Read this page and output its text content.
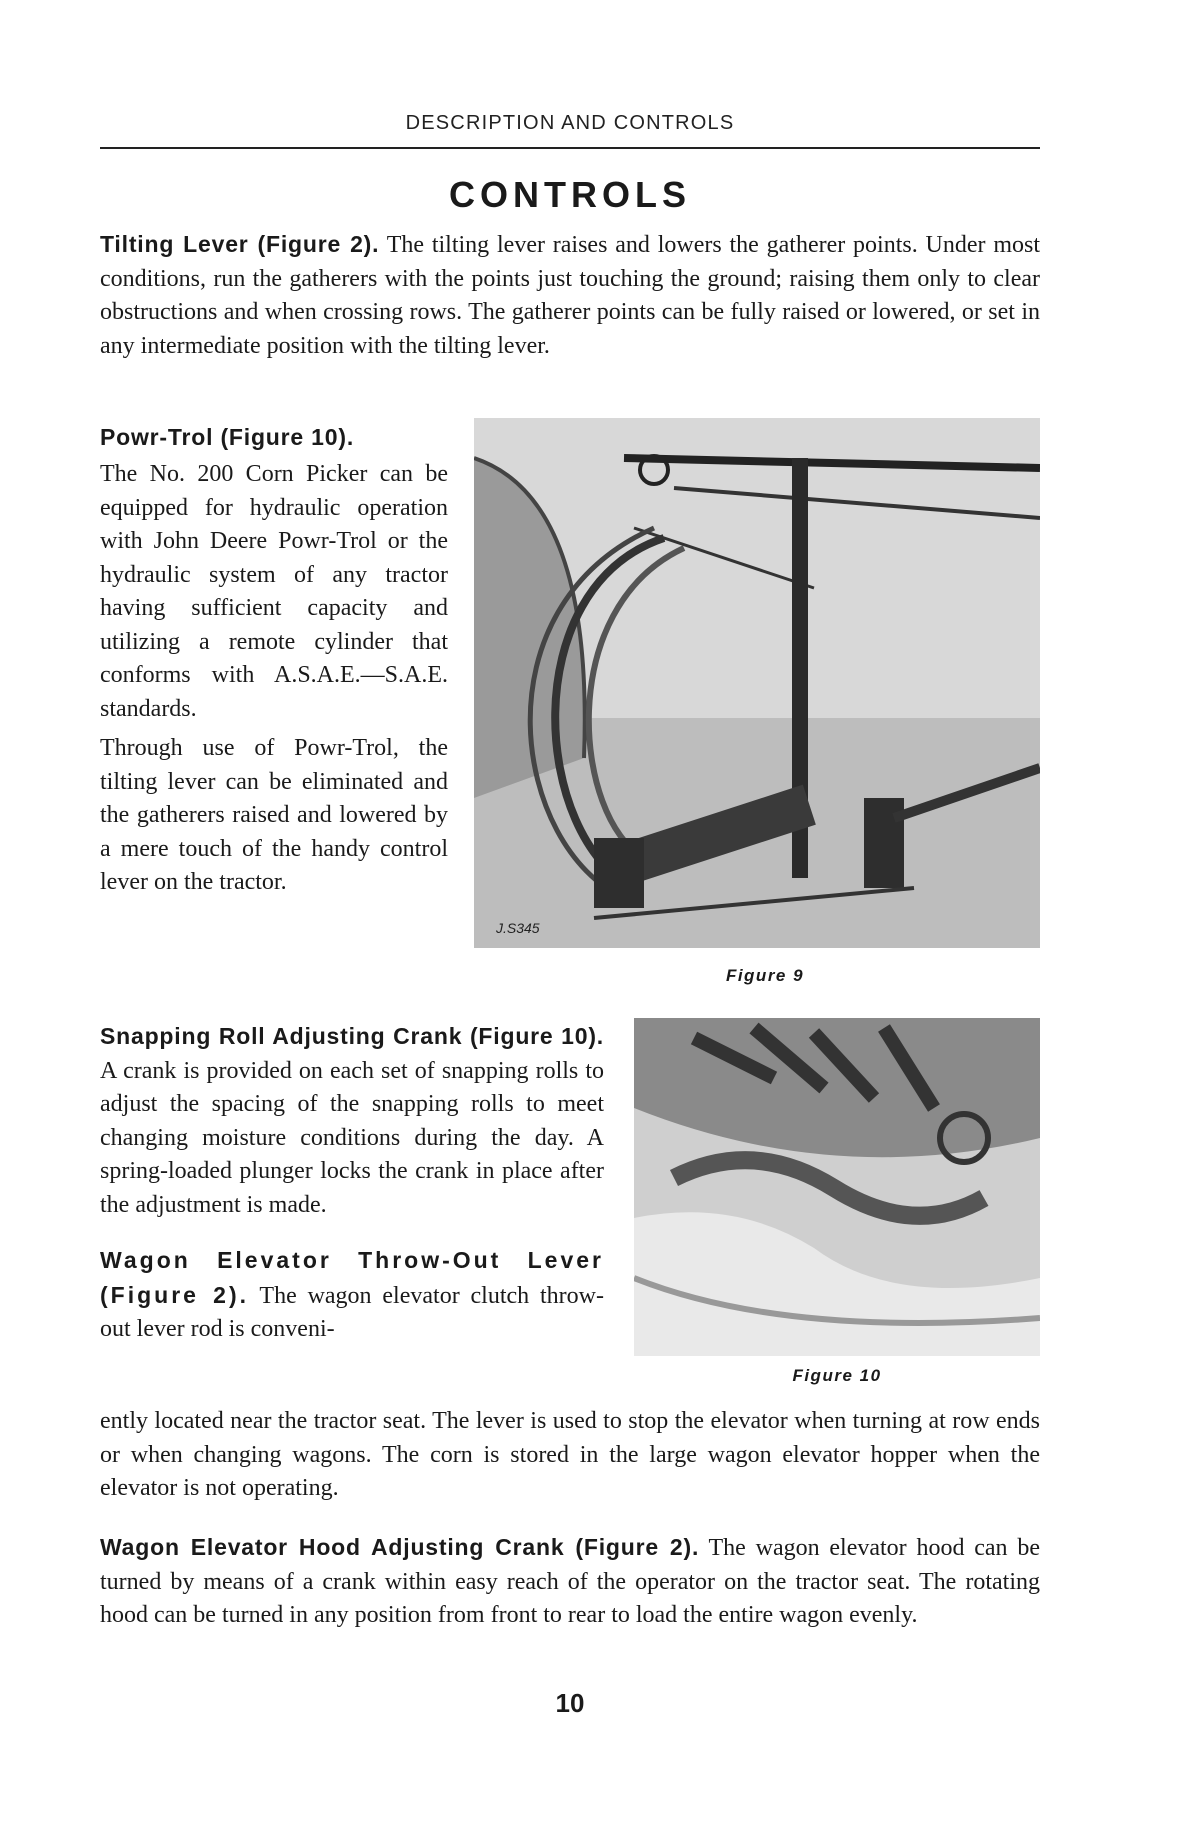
DESCRIPTION AND CONTROLS
CONTROLS

Tilting Lever (Figure 2). The tilting lever raises and lowers the gatherer points. Under most conditions, run the gatherers with the points just touching the ground; raising them only to clear obstructions and when crossing rows. The gatherer points can be fully raised or lowered, or set in any intermediate position with the tilting lever.

Powr-Trol (Figure 10).

The No. 200 Corn Picker can be equipped for hydraulic operation with John Deere Powr-Trol or the hydraulic system of any tractor having sufficient capacity and utilizing a remote cylinder that conforms with A.S.A.E.—S.A.E. standards.

Through use of Powr-Trol, the tilting lever can be eliminated and the gatherers raised and lowered by a mere touch of the handy control lever on the tractor.

J.S345
Figure 9

Snapping Roll Adjusting Crank (Figure 10). A crank is provided on each set of snapping rolls to adjust the spacing of the snapping rolls to meet changing moisture conditions during the day. A spring-loaded plunger locks the crank in place after the adjustment is made.

Wagon Elevator Throw-Out Lever (Figure 2). The wagon elevator clutch throw-out lever rod is conveni-

Figure 10

ently located near the tractor seat. The lever is used to stop the elevator when turning at row ends or when changing wagons. The corn is stored in the large wagon elevator hopper when the elevator is not operating.

Wagon Elevator Hood Adjusting Crank (Figure 2). The wagon elevator hood can be turned by means of a crank within easy reach of the operator on the tractor seat. The rotating hood can be turned in any position from front to rear to load the entire wagon evenly.

10
